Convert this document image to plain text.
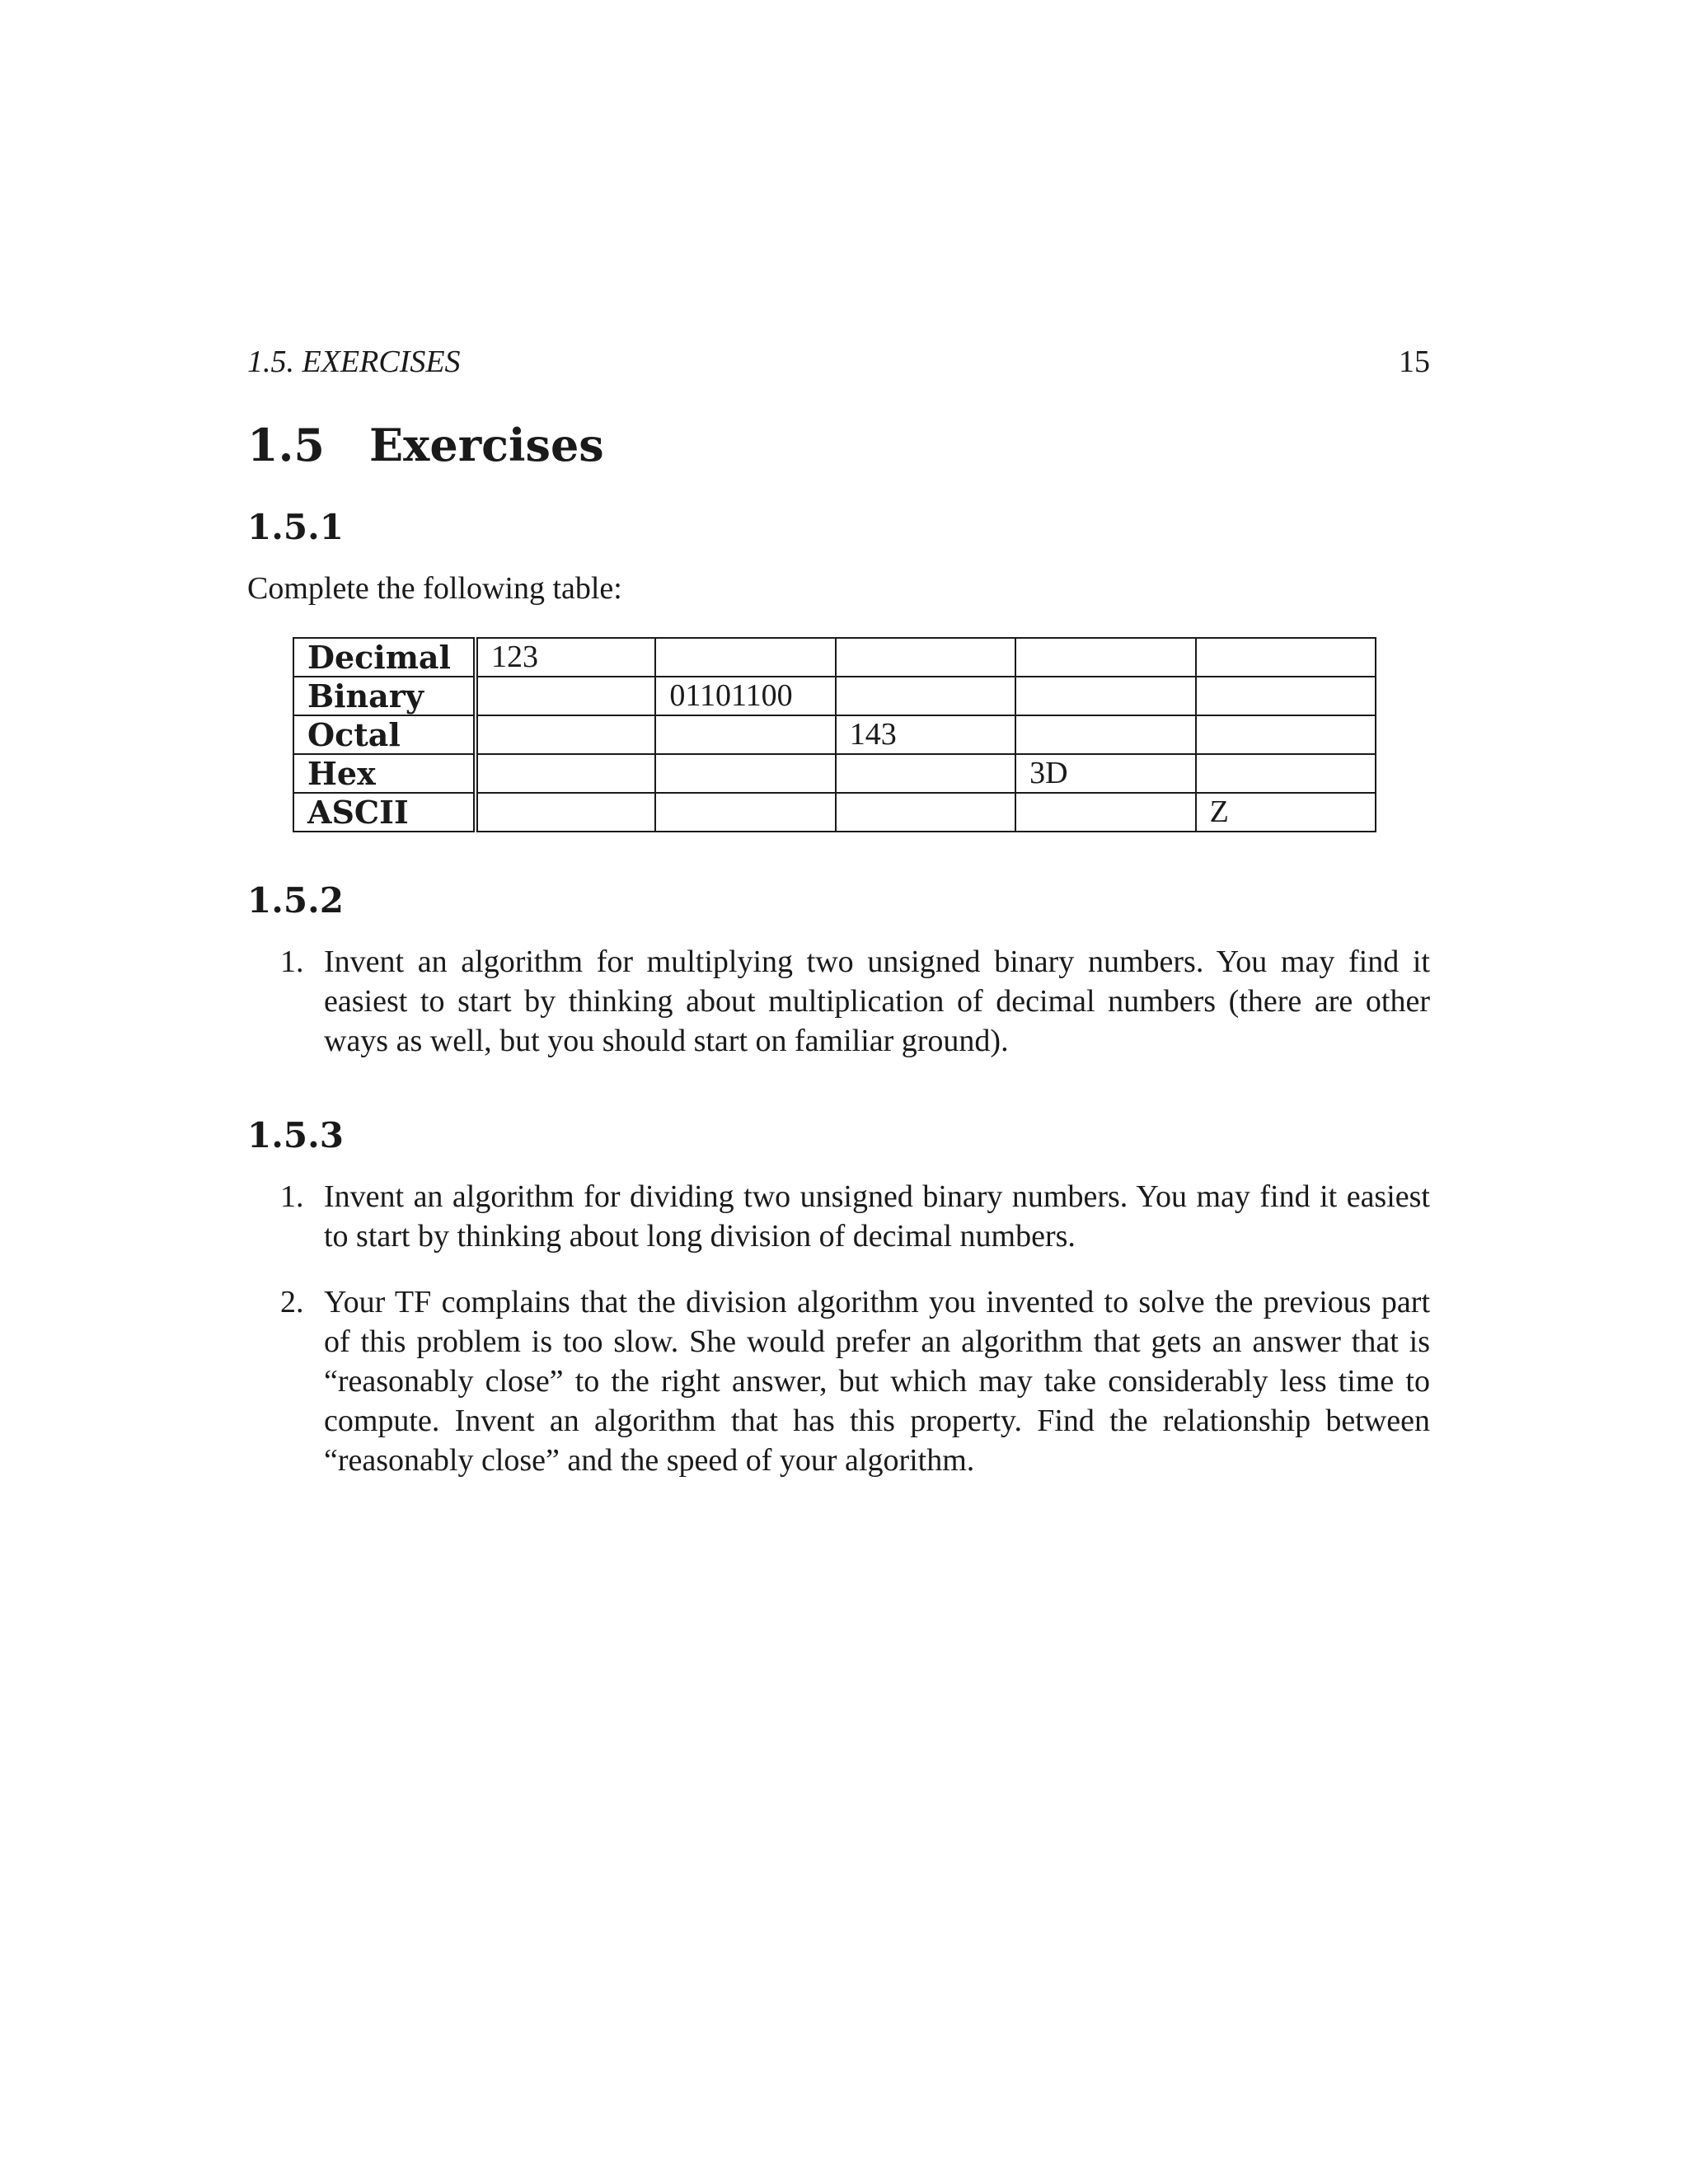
1.5. EXERCISES	15
1.5 Exercises
1.5.1

Complete the following table:

Decimal	123				
Binary		01101100			
Octal			143		
Hex				3D	
ASCII					Z
1.5.2
1. Invent an algorithm for multiplying two unsigned binary numbers. You may find it easiest to start by thinking about multiplication of decimal numbers (there are other ways as well, but you should start on familiar ground).
1.5.3
1. Invent an algorithm for dividing two unsigned binary numbers. You may find it easiest to start by thinking about long division of decimal numbers.
2. Your TF complains that the division algorithm you invented to solve the previous part of this problem is too slow. She would prefer an algorithm that gets an answer that is “reasonably close” to the right answer, but which may take considerably less time to compute. Invent an algorithm that has this property. Find the relationship between “reasonably close” and the speed of your algorithm.
